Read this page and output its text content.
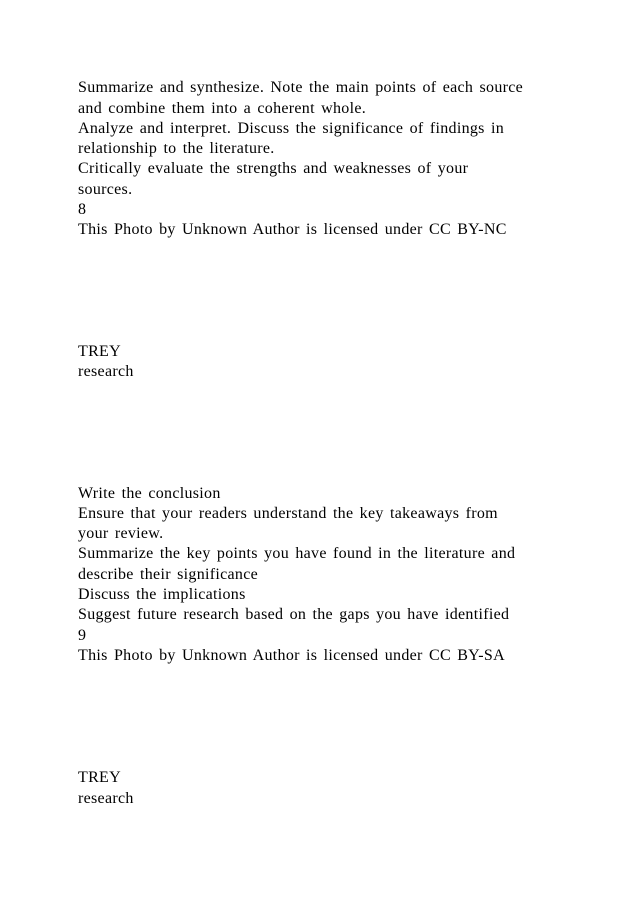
Summarize and synthesize. Note the main points of each source

and combine them into a coherent whole.

Analyze and interpret. Discuss the significance of findings in

relationship to the literature.

Critically evaluate the strengths and weaknesses of your

sources.

8

This Photo by Unknown Author is licensed under CC BY-NC

TREY

research

Write the conclusion

Ensure that your readers understand the key takeaways from

your review.

Summarize the key points you have found in the literature and

describe their significance

Discuss the implications

Suggest future research based on the gaps you have identified

9

This Photo by Unknown Author is licensed under CC BY-SA

TREY

research
